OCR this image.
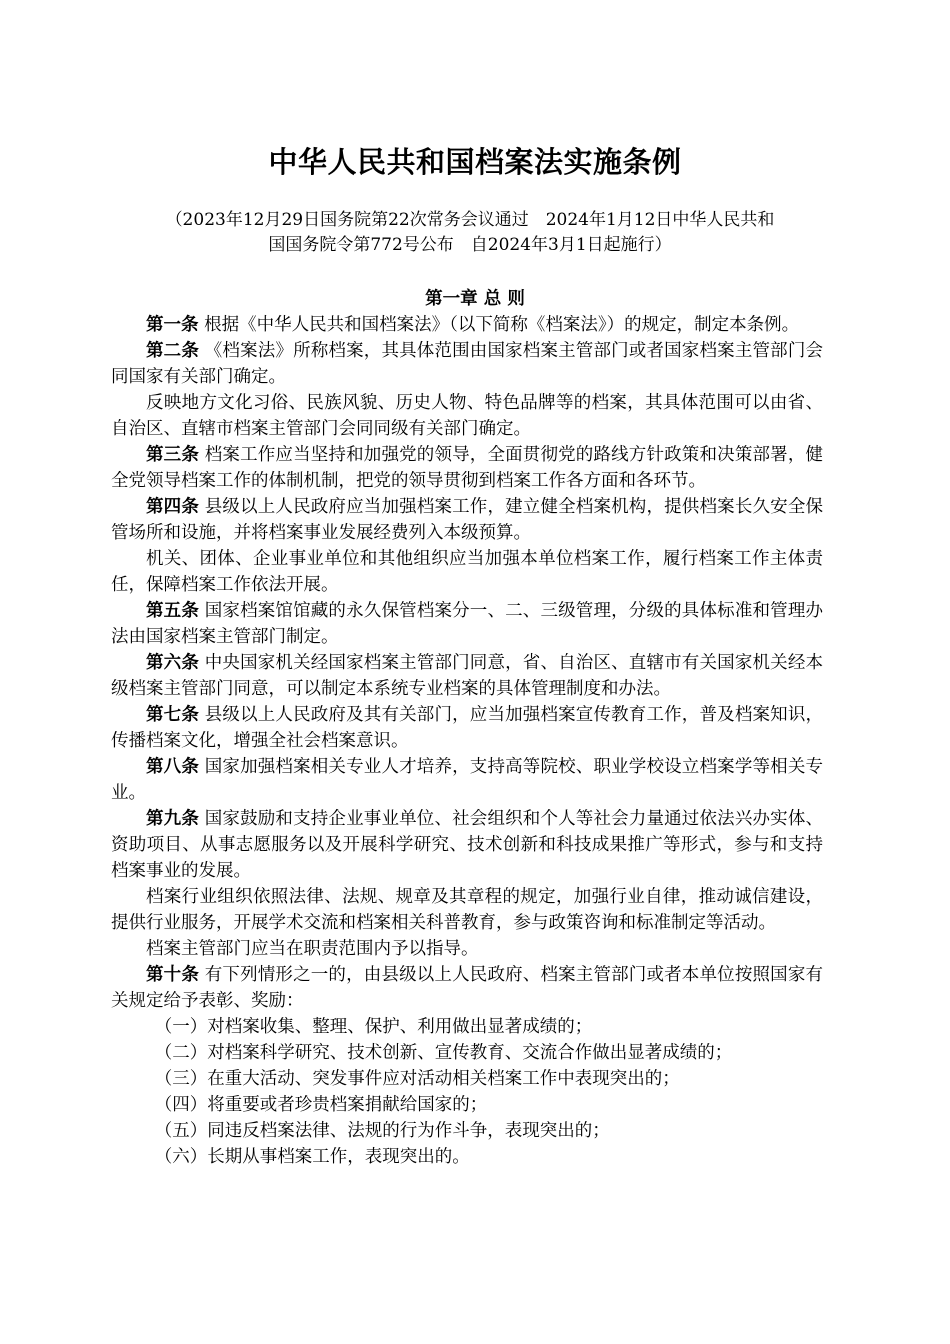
中华人民共和国档案法实施条例
（2023年12月29日国务院第22次常务会议通过　2024年1月12日中华人民共和
国国务院令第772号公布　自2024年3月1日起施行）
第一章 总 则

第一条 根据《中华人民共和国档案法》（以下简称《档案法》）的规定，制定本条例。

第二条 《档案法》所称档案，其具体范围由国家档案主管部门或者国家档案主管部门会同国家有关部门确定。

反映地方文化习俗、民族风貌、历史人物、特色品牌等的档案，其具体范围可以由省、自治区、直辖市档案主管部门会同同级有关部门确定。

第三条 档案工作应当坚持和加强党的领导，全面贯彻党的路线方针政策和决策部署，健全党领导档案工作的体制机制，把党的领导贯彻到档案工作各方面和各环节。

第四条 县级以上人民政府应当加强档案工作，建立健全档案机构，提供档案长久安全保管场所和设施，并将档案事业发展经费列入本级预算。

机关、团体、企业事业单位和其他组织应当加强本单位档案工作，履行档案工作主体责任，保障档案工作依法开展。

第五条 国家档案馆馆藏的永久保管档案分一、二、三级管理，分级的具体标准和管理办法由国家档案主管部门制定。

第六条 中央国家机关经国家档案主管部门同意，省、自治区、直辖市有关国家机关经本级档案主管部门同意，可以制定本系统专业档案的具体管理制度和办法。

第七条 县级以上人民政府及其有关部门，应当加强档案宣传教育工作，普及档案知识，传播档案文化，增强全社会档案意识。

第八条 国家加强档案相关专业人才培养，支持高等院校、职业学校设立档案学等相关专业。

第九条 国家鼓励和支持企业事业单位、社会组织和个人等社会力量通过依法兴办实体、资助项目、从事志愿服务以及开展科学研究、技术创新和科技成果推广等形式，参与和支持档案事业的发展。

档案行业组织依照法律、法规、规章及其章程的规定，加强行业自律，推动诚信建设，提供行业服务，开展学术交流和档案相关科普教育，参与政策咨询和标准制定等活动。

档案主管部门应当在职责范围内予以指导。

第十条 有下列情形之一的，由县级以上人民政府、档案主管部门或者本单位按照国家有关规定给予表彰、奖励：

（一）对档案收集、整理、保护、利用做出显著成绩的；

（二）对档案科学研究、技术创新、宣传教育、交流合作做出显著成绩的；

（三）在重大活动、突发事件应对活动相关档案工作中表现突出的；

（四）将重要或者珍贵档案捐献给国家的；

（五）同违反档案法律、法规的行为作斗争，表现突出的；

（六）长期从事档案工作，表现突出的。
